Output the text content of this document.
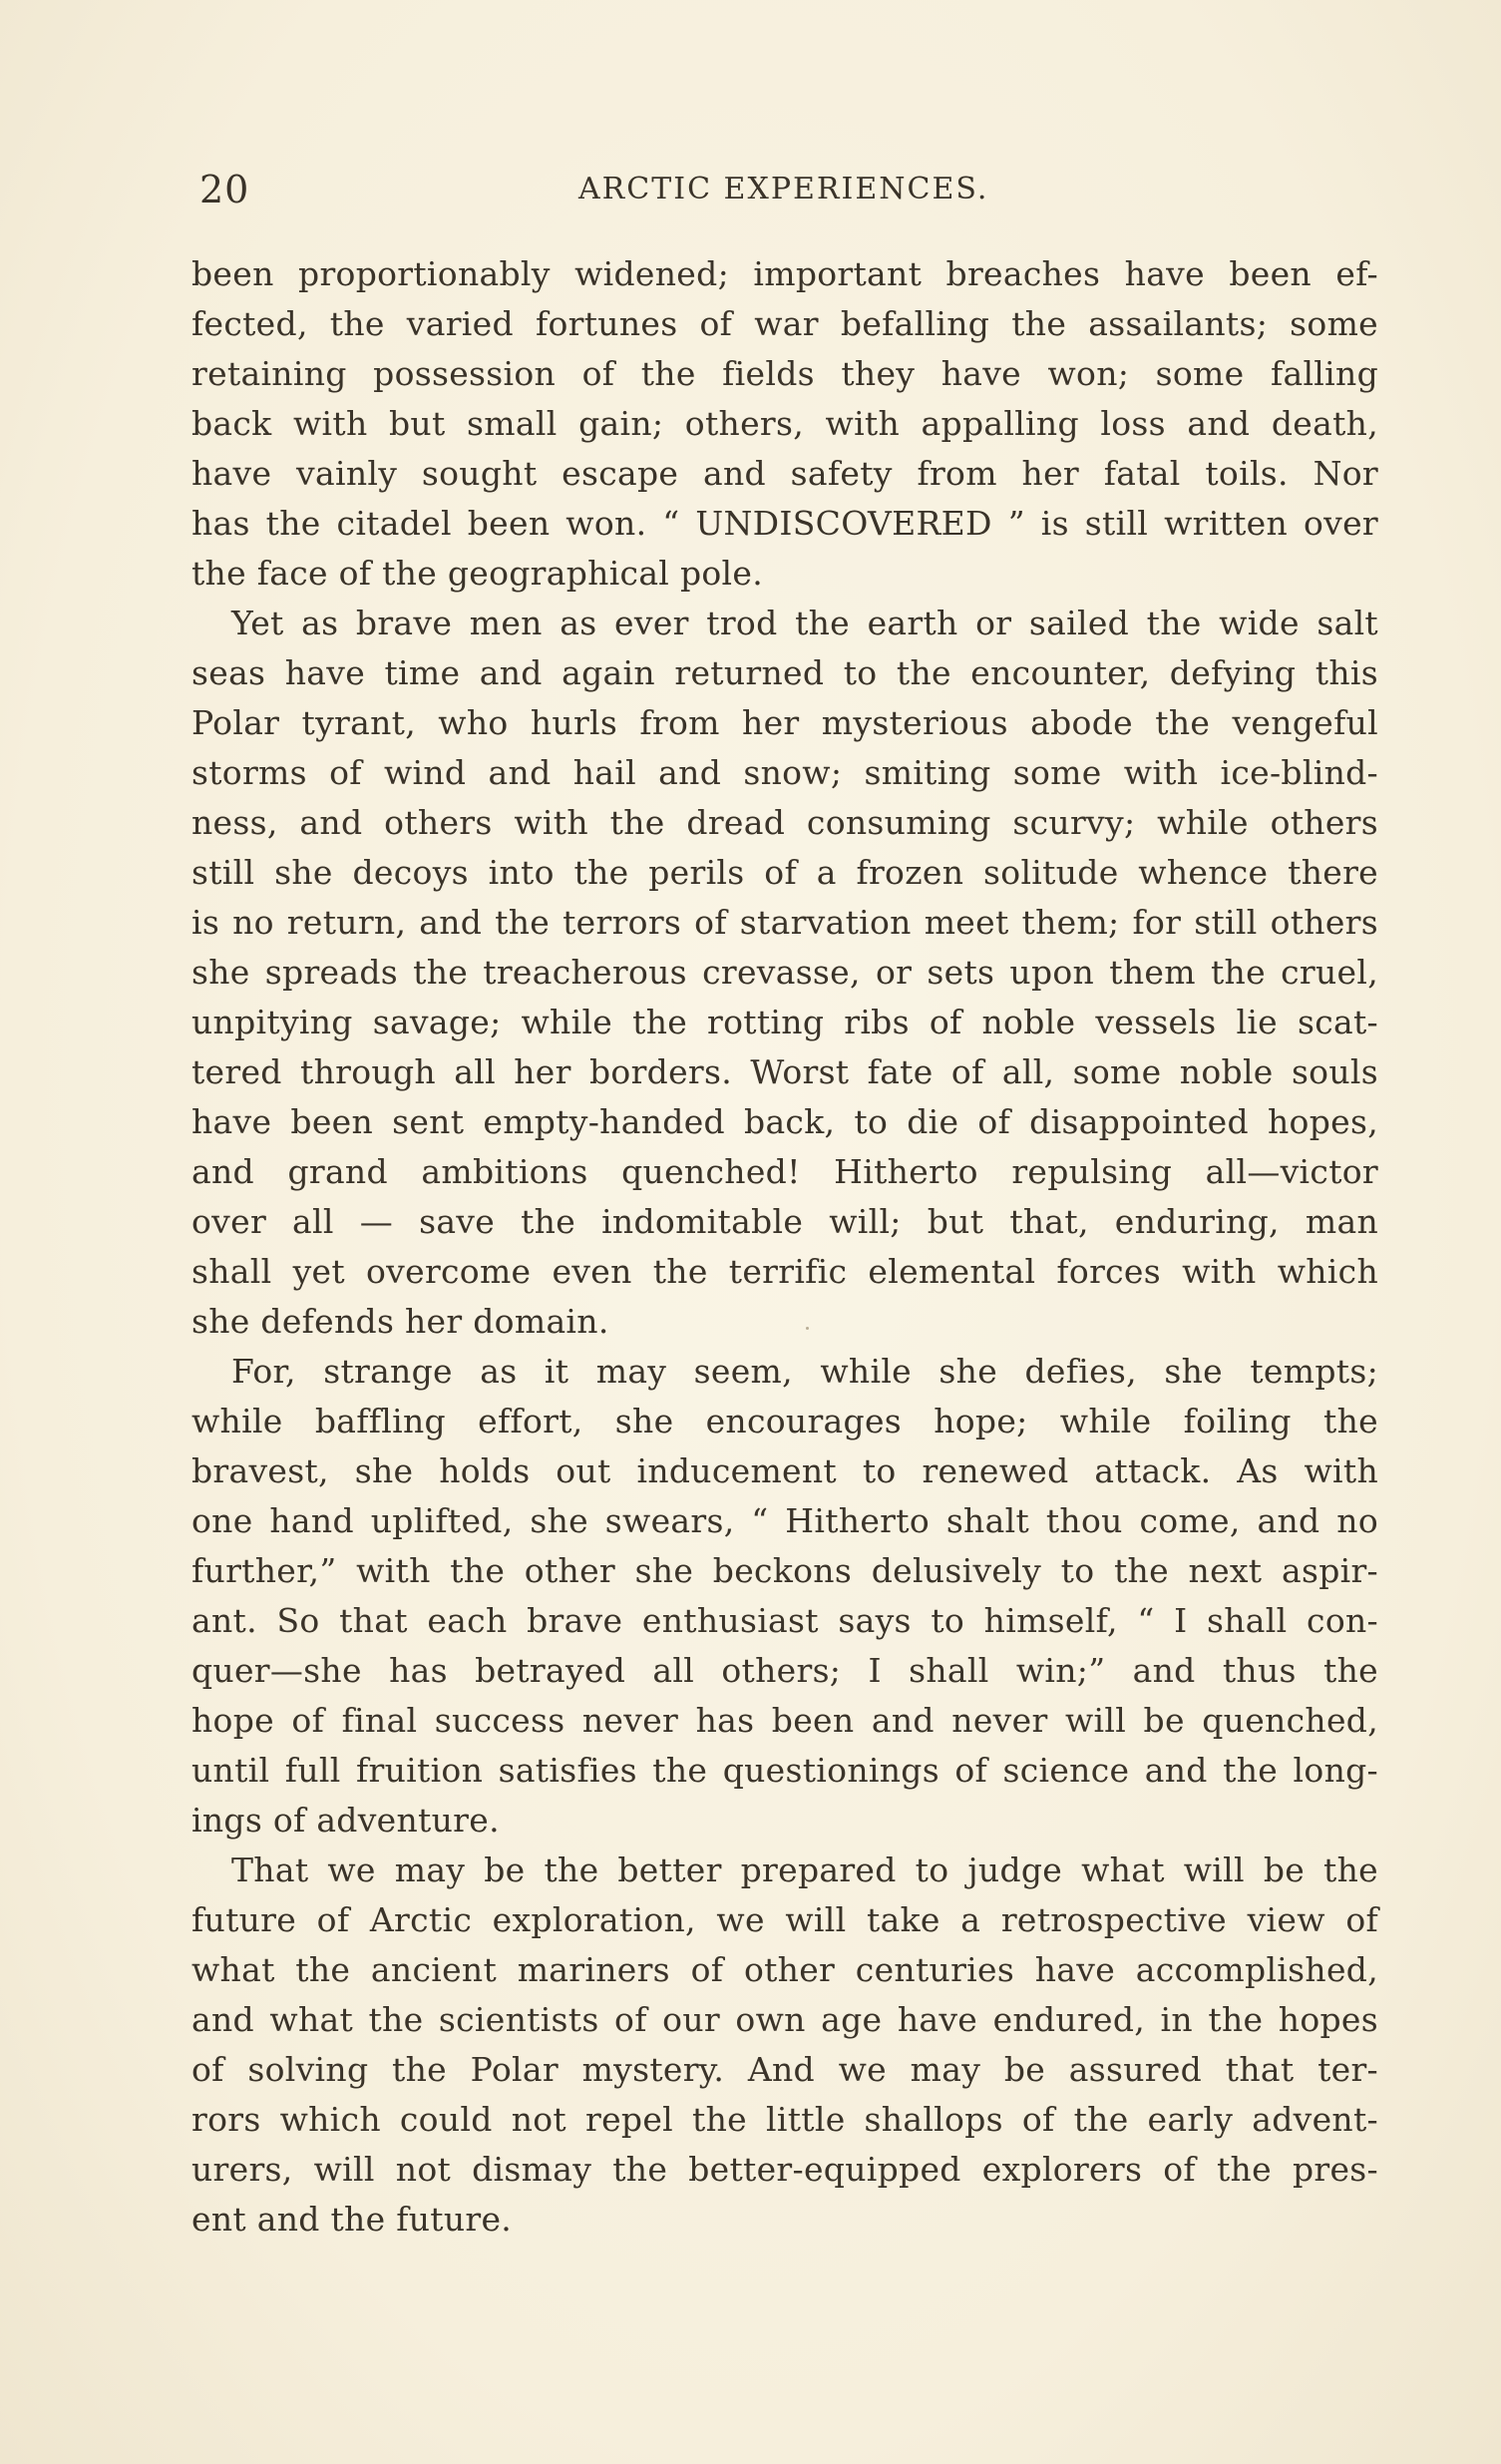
20	ARCTIC EXPERIENCES.
been proportionably widened; important breaches have been ef-
fected, the varied fortunes of war befalling the assailants; some
retaining possession of the fields they have won; some falling
back with but small gain; others, with appalling loss and death,
have vainly sought escape and safety from her fatal toils. Nor
has the citadel been won. “ UNDISCOVERED ” is still written over
the face of the geographical pole.
Yet as brave men as ever trod the earth or sailed the wide salt
seas have time and again returned to the encounter, defying this
Polar tyrant, who hurls from her mysterious abode the vengeful
storms of wind and hail and snow; smiting some with ice-blind-
ness, and others with the dread consuming scurvy; while others
still she decoys into the perils of a frozen solitude whence there
is no return, and the terrors of starvation meet them; for still others
she spreads the treacherous crevasse, or sets upon them the cruel,
unpitying savage; while the rotting ribs of noble vessels lie scat-
tered through all her borders. Worst fate of all, some noble souls
have been sent empty-handed back, to die of disappointed hopes,
and grand ambitions quenched! Hitherto repulsing all—victor
over all — save the indomitable will; but that, enduring, man
shall yet overcome even the terrific elemental forces with which
she defends her domain.
For, strange as it may seem, while she defies, she tempts;
while baffling effort, she encourages hope; while foiling the
bravest, she holds out inducement to renewed attack. As with
one hand uplifted, she swears, “ Hitherto shalt thou come, and no
further,” with the other she beckons delusively to the next aspir-
ant. So that each brave enthusiast says to himself, “ I shall con-
quer—she has betrayed all others; I shall win;” and thus the
hope of final success never has been and never will be quenched,
until full fruition satisfies the questionings of science and the long-
ings of adventure.
That we may be the better prepared to judge what will be the
future of Arctic exploration, we will take a retrospective view of
what the ancient mariners of other centuries have accomplished,
and what the scientists of our own age have endured, in the hopes
of solving the Polar mystery. And we may be assured that ter-
rors which could not repel the little shallops of the early advent-
urers, will not dismay the better-equipped explorers of the pres-
ent and the future.
